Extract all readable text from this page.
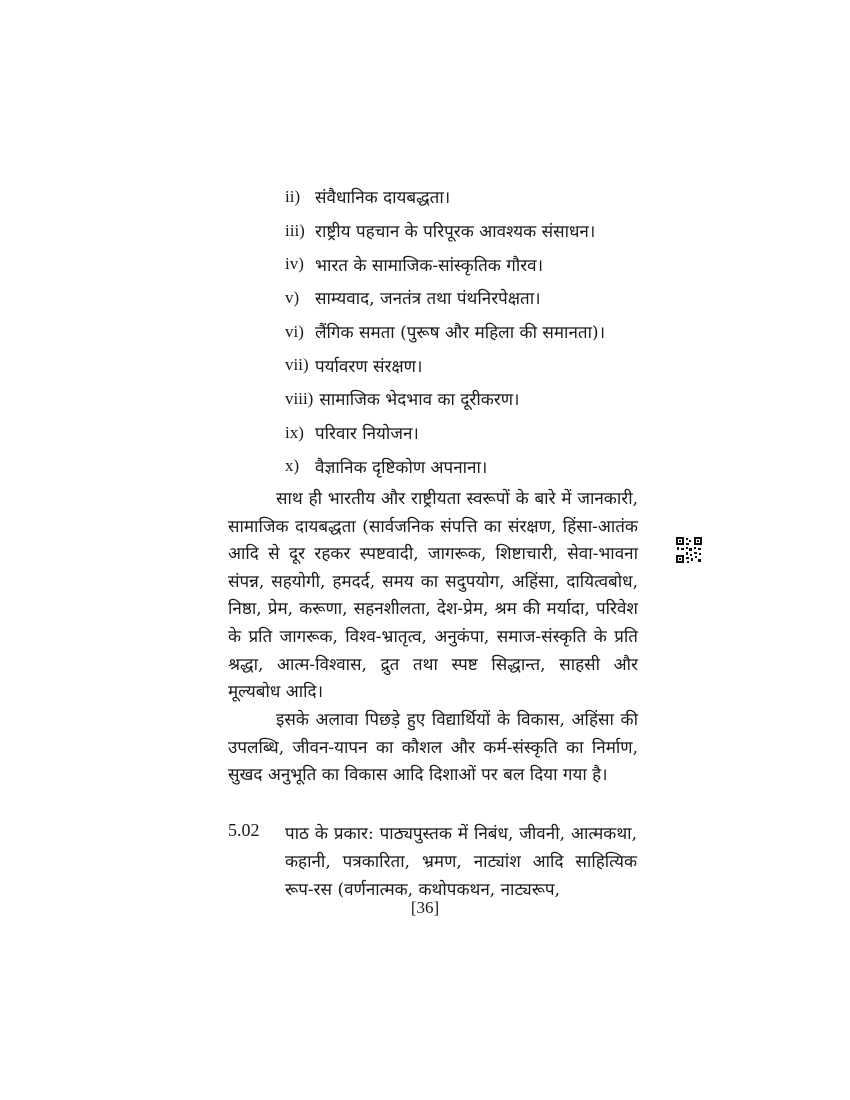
ii) संवैधानिक दायबद्धता।
iii) राष्ट्रीय पहचान के परिपूरक आवश्यक संसाधन।
iv) भारत के सामाजिक-सांस्कृतिक गौरव।
v) साम्यवाद, जनतंत्र तथा पंथनिरपेक्षता।
vi) लैंगिक समता (पुरूष और महिला की समानता)।
vii) पर्यावरण संरक्षण।
viii) सामाजिक भेदभाव का दूरीकरण।
ix) परिवार नियोजन।
x) वैज्ञानिक दृष्टिकोण अपनाना।

साथ ही भारतीय और राष्ट्रीयता स्वरूपों के बारे में जानकारी, सामाजिक दायबद्धता (सार्वजनिक संपत्ति का संरक्षण, हिंसा-आतंक आदि से दूर रहकर स्पष्टवादी, जागरूक, शिष्टाचारी, सेवा-भावना संपन्न, सहयोगी, हमदर्द, समय का सदुपयोग, अहिंसा, दायित्वबोध, निष्ठा, प्रेम, करूणा, सहनशीलता, देश-प्रेम, श्रम की मर्यादा, परिवेश के प्रति जागरूक, विश्व-भ्रातृत्व, अनुकंपा, समाज-संस्कृति के प्रति श्रद्धा, आत्म-विश्वास, द्रुत तथा स्पष्ट सिद्धान्त, साहसी और मूल्यबोध आदि।

इसके अलावा पिछड़े हुए विद्यार्थियों के विकास, अहिंसा की उपलब्धि, जीवन-यापन का कौशल और कर्म-संस्कृति का निर्माण, सुखद अनुभूति का विकास आदि दिशाओं पर बल दिया गया है।

5.02 पाठ के प्रकार: पाठ्यपुस्तक में निबंध, जीवनी, आत्मकथा, कहानी, पत्रकारिता, भ्रमण, नाट्यांश आदि साहित्यिक रूप-रस (वर्णनात्मक, कथोपकथन, नाट्यरूप,

[36]
